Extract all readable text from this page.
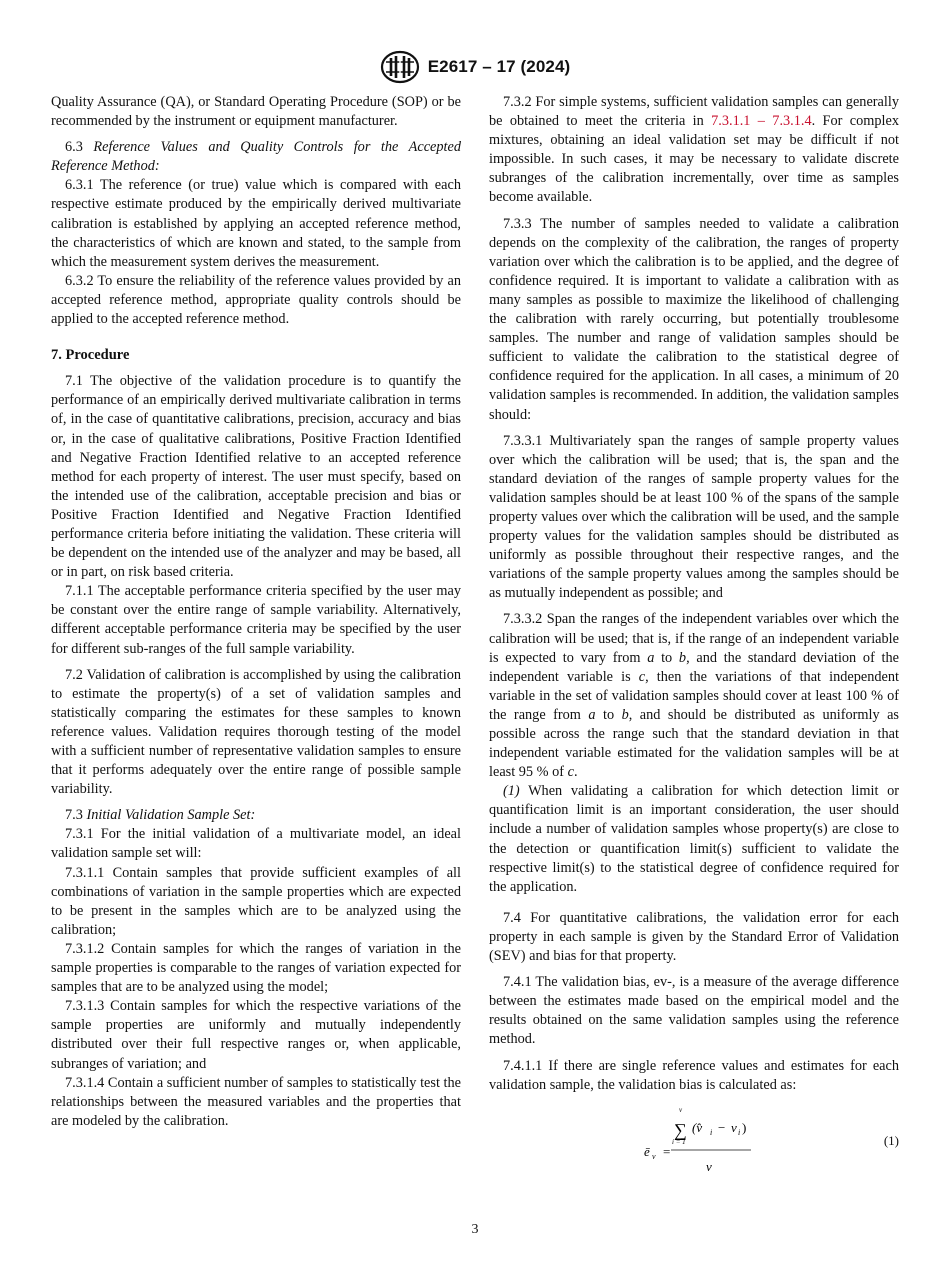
E2617 – 17 (2024)

Quality Assurance (QA), or Standard Operating Procedure (SOP) or be recommended by the instrument or equipment manufacturer.

6.3 Reference Values and Quality Controls for the Accepted Reference Method:

6.3.1 The reference (or true) value which is compared with each respective estimate produced by the empirically derived multivariate calibration is established by applying an accepted reference method, the characteristics of which are known and stated, to the sample from which the measurement system derives the measurement.

6.3.2 To ensure the reliability of the reference values provided by an accepted reference method, appropriate quality controls should be applied to the accepted reference method.

7. Procedure

7.1 The objective of the validation procedure is to quantify the performance of an empirically derived multivariate calibration in terms of, in the case of quantitative calibrations, precision, accuracy and bias or, in the case of qualitative calibrations, Positive Fraction Identified and Negative Fraction Identified relative to an accepted reference method for each property of interest. The user must specify, based on the intended use of the calibration, acceptable precision and bias or Positive Fraction Identified and Negative Fraction Identified performance criteria before initiating the validation. These criteria will be dependent on the intended use of the analyzer and may be based, all or in part, on risk based criteria.

7.1.1 The acceptable performance criteria specified by the user may be constant over the entire range of sample variability. Alternatively, different acceptable performance criteria may be specified by the user for different sub-ranges of the full sample variability.

7.2 Validation of calibration is accomplished by using the calibration to estimate the property(s) of a set of validation samples and statistically comparing the estimates for these samples to known reference values. Validation requires thorough testing of the model with a sufficient number of representative validation samples to ensure that it performs adequately over the entire range of possible sample variability.

7.3 Initial Validation Sample Set:

7.3.1 For the initial validation of a multivariate model, an ideal validation sample set will:

7.3.1.1 Contain samples that provide sufficient examples of all combinations of variation in the sample properties which are expected to be present in the samples which are to be analyzed using the calibration;

7.3.1.2 Contain samples for which the ranges of variation in the sample properties is comparable to the ranges of variation expected for samples that are to be analyzed using the model;

7.3.1.3 Contain samples for which the respective variations of the sample properties are uniformly and mutually independently distributed over their full respective ranges or, when applicable, subranges of variation; and

7.3.1.4 Contain a sufficient number of samples to statistically test the relationships between the measured variables and the properties that are modeled by the calibration.

7.3.2 For simple systems, sufficient validation samples can generally be obtained to meet the criteria in 7.3.1.1 – 7.3.1.4. For complex mixtures, obtaining an ideal validation set may be difficult if not impossible. In such cases, it may be necessary to validate discrete subranges of the calibration incrementally, over time as samples become available.

7.3.3 The number of samples needed to validate a calibration depends on the complexity of the calibration, the ranges of property variation over which the calibration is to be applied, and the degree of confidence required. It is important to validate a calibration with as many samples as possible to maximize the likelihood of challenging the calibration with rarely occurring, but potentially troublesome samples. The number and range of validation samples should be sufficient to validate the calibration to the statistical degree of confidence required for the application. In all cases, a minimum of 20 validation samples is recommended. In addition, the validation samples should:

7.3.3.1 Multivariately span the ranges of sample property values over which the calibration will be used; that is, the span and the standard deviation of the ranges of sample property values for the validation samples should be at least 100 % of the spans of the sample property values over which the calibration will be used, and the sample property values for the validation samples should be distributed as uniformly as possible throughout their respective ranges, and the variations of the sample property values among the samples should be as mutually independent as possible; and

7.3.3.2 Span the ranges of the independent variables over which the calibration will be used; that is, if the range of an independent variable is expected to vary from a to b, and the standard deviation of the independent variable is c, then the variations of that independent variable in the set of validation samples should cover at least 100 % of the range from a to b, and should be distributed as uniformly as possible across the range such that the standard deviation in that independent variable estimated for the validation samples will be at least 95 % of c.

(1) When validating a calibration for which detection limit or quantification limit is an important consideration, the user should include a number of validation samples whose property(s) are close to the detection or quantification limit(s) sufficient to validate the respective limit(s) to the statistical degree of confidence required for the application.

7.4 For quantitative calibrations, the validation error for each property in each sample is given by the Standard Error of Validation (SEV) and bias for that property.

7.4.1 The validation bias, ev-, is a measure of the average difference between the estimates made based on the empirical model and the results obtained on the same validation samples using the reference method.

7.4.1.1 If there are single reference values and estimates for each validation sample, the validation bias is calculated as:

ē v =
v
∑
i = 1
(v̂ i − v i )
v
(1)
3
